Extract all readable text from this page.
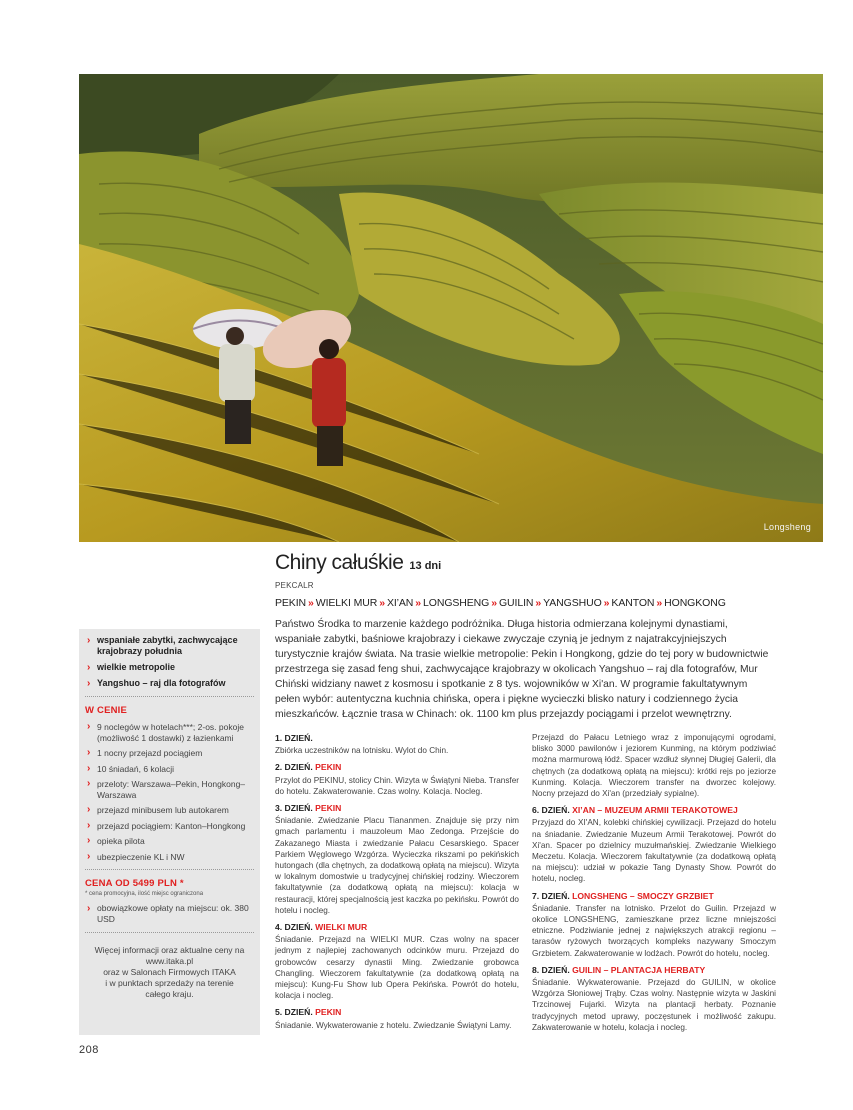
Longsheng
Chiny całuśkie 13 dni
PEKCALR
PEKIN » WIELKI MUR » XI’AN » LONGSHENG » GUILIN » YANGSHUO » KANTON » HONGKONG
Państwo Środka to marzenie każdego podróżnika. Długa historia odmierzana kolejnymi dynastiami, wspaniałe zabytki, baśniowe krajobrazy i ciekawe zwyczaje czynią je jednym z najatrakcyjniejszych turystycznie krajów świata. Na trasie wielkie metropolie: Pekin i Hongkong, gdzie do tej pory w budownictwie przestrzega się zasad feng shui, zachwycające krajobrazy w okolicach Yangshuo – raj dla fotografów, Mur Chiński widziany nawet z kosmosu i spotkanie z 8 tys. wojowników w Xi'an. W programie fakultatywnym pełen wybór: autentyczna kuchnia chińska, opera i piękne wycieczki blisko natury i codziennego życia mieszkańców. Łącznie trasa w Chinach: ok. 1100 km plus przejazdy pociągami i przelot wewnętrzny.
› wspaniałe zabytki, zachwycające krajobrazy południa
› wielkie metropolie
› Yangshuo – raj dla fotografów
W CENIE
› 9 noclegów w hotelach***; 2-os. pokoje (możliwość 1 dostawki) z łazienkami
› 1 nocny przejazd pociągiem
› 10 śniadań, 6 kolacji
› przeloty: Warszawa–Pekin, Hongkong–Warszawa
› przejazd minibusem lub autokarem
› przejazd pociągiem: Kanton–Hongkong
› opieka pilota
› ubezpieczenie KL i NW
CENA OD 5499 PLN *
* cena promocyjna, ilość miejsc ograniczona
› obowiązkowe opłaty na miejscu: ok. 380 USD
Więcej informacji oraz aktualne ceny na
www.itaka.pl
oraz w Salonach Firmowych ITAKA
i w punktach sprzedaży na terenie
całego kraju.
1. DZIEŃ.

Zbiórka uczestników na lotnisku. Wylot do Chin.

2. DZIEŃ. PEKIN

Przylot do PEKINU, stolicy Chin. Wizyta w Świątyni Nieba. Transfer do hotelu. Zakwaterowanie. Czas wolny. Kolacja. Nocleg.

3. DZIEŃ. PEKIN

Śniadanie. Zwiedzanie Placu Tiananmen. Znajduje się przy nim gmach parlamentu i mauzoleum Mao Zedonga. Przejście do Zakazanego Miasta i zwiedzanie Pałacu Cesarskiego. Spacer Parkiem Węglowego Wzgórza. Wycieczka rikszami po pekińskich hutongach (dla chętnych, za dodatkową opłatą na miejscu). Wizyta w lokalnym domostwie u tradycyjnej chińskiej rodziny. Wieczorem fakultatywnie (za dodatkową opłatą na miejscu): kolacja w restauracji, której specjalnością jest kaczka po pekińsku. Powrót do hotelu i nocleg.

4. DZIEŃ. WIELKI MUR

Śniadanie. Przejazd na WIELKI MUR. Czas wolny na spacer jednym z najlepiej zachowanych odcinków muru. Przejazd do grobowców cesarzy dynastii Ming. Zwiedzanie grobowca Changling. Wieczorem fakultatywnie (za dodatkową opłatą na miejscu): Kung-Fu Show lub Opera Pekińska. Powrót do hotelu, kolacja i nocleg.

5. DZIEŃ. PEKIN

Śniadanie. Wykwaterowanie z hotelu. Zwiedzanie Świątyni Lamy.

Przejazd do Pałacu Letniego wraz z imponującymi ogrodami, blisko 3000 pawilonów i jeziorem Kunming, na którym podziwiać można marmurową łódź. Spacer wzdłuż słynnej Długiej Galerii, dla chętnych (za dodatkową opłatą na miejscu): krótki rejs po jeziorze Kunming. Kolacja. Wieczorem transfer na dworzec kolejowy. Nocny przejazd do Xi'an (przedziały sypialne).

6. DZIEŃ. XI’AN – MUZEUM ARMII TERAKOTOWEJ

Przyjazd do XI'AN, kolebki chińskiej cywilizacji. Przejazd do hotelu na śniadanie. Zwiedzanie Muzeum Armii Terakotowej. Powrót do Xi'an. Spacer po dzielnicy muzułmańskiej. Zwiedzanie Wielkiego Meczetu. Kolacja. Wieczorem fakultatywnie (za dodatkową opłatą na miejscu): udział w pokazie Tang Dynasty Show. Powrót do hotelu, nocleg.

7. DZIEŃ. LONGSHENG – SMOCZY GRZBIET

Śniadanie. Transfer na lotnisko. Przelot do Guilin. Przejazd w okolice LONGSHENG, zamieszkane przez liczne mniejszości etniczne. Podziwianie jednej z największych atrakcji regionu – tarasów ryżowych tworzących kompleks nazywany Smoczym Grzbietem. Zakwaterowanie w lodżach. Powrót do hotelu, nocleg.

8. DZIEŃ. GUILIN – PLANTACJA HERBATY

Śniadanie. Wykwaterowanie. Przejazd do GUILIN, w okolice Wzgórza Słoniowej Trąby. Czas wolny. Następnie wizyta w Jaskini Trzcinowej Fujarki. Wizyta na plantacji herbaty. Poznanie tradycyjnych metod uprawy, poczęstunek i możliwość zakupu. Zakwaterowanie w hotelu, kolacja i nocleg.

208
